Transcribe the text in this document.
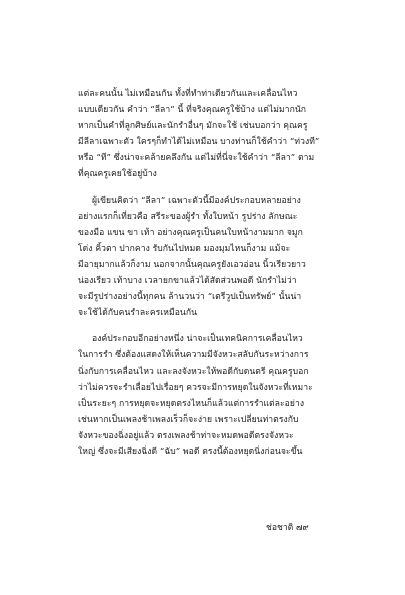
แต่ละคนนั้น ไม่เหมือนกัน ทั้งที่ทำท่าเดียวกันและเคลื่อนไหว
แบบเดียวกัน คำว่า “ลีลา” นี้ ที่จริงคุณครูใช้บ้าง แต่ไม่มากนัก
หากเป็นคำที่ลูกศิษย์และนักรำอื่นๆ มักจะใช้ เช่นบอกว่า คุณครู
มีลีลาเฉพาะตัว ใครๆก็ทำได้ไม่เหมือน บางท่านก็ใช้คำว่า “ท่วงที”
หรือ “ที” ซึ่งน่าจะคล้ายคลึงกัน แต่ไม่ที่นี่จะใช้คำว่า “ลีลา” ตาม
ที่คุณครูเคยใช้อยู่บ้าง

ผู้เขียนคิดว่า “ลีลา” เฉพาะตัวนี้มีองค์ประกอบหลายอย่าง
อย่างแรกก็เที่ยวคือ สรีระของผู้รำ ทั้งใบหน้า รูปร่าง ลักษณะ
ของมือ แขน ขา เท้า อย่างคุณครูเป็นคนใบหน้างามมาก จมูก
โด่ง คิ้วตา ปากคาง รับกันไปหมด มองมุมไหนก็งาม แม้จะ
มีอายุมากแล้วก็งาม นอกจากนั้นคุณครูยังเอวอ่อน นิ้วเรียวยาว
น่องเรียว เท้าบาง เวลายกขาแล้วได้สัดส่วนพอดี นักรำไม่ว่า
จะมีรูปร่างอย่างนี้ทุกคน ล้านวนว่า “เตรีวูปเป็นทรัพย์” นั้นน่า
จะใช้ได้กับคนรำละครเหมือนกัน

องค์ประกอบอีกอย่างหนึ่ง น่าจะเป็นเทคนิคการเคลื่อนไหว
ในการรำ ซึ่งต้องแสดงให้เห็นความมีจังหวะสลับกันระหว่างการ
นิ่งกับการเคลื่อนไหว และลงจังหวะให้พอดีกับดนตรี คุณครูบอก
ว่าไม่ควรจะรำเลื่อยไปเรื่อยๆ ควรจะมีการหยุดในจังหวะที่เหมาะ
เป็นระยะๆ การหยุดจะหยุดตรงไหนก็แล้วแต่การรำแต่ละอย่าง
เช่นหากเป็นเพลงช้าเพลงเร็วก็จะง่าย เพราะเปลี่ยนท่าตรงกับ
จังหวะของฉิ่งอยู่แล้ว ตรงเพลงช้าท่าจะหมดพอดีตรงจังหวะ
ใหญ่ ซึ่งจะมีเสียงฉิ่งดี “ฉับ” พอดี ตรงนี้ต้องหยุดนิ่งก่อนจะขึ้น

ช่อชาติ ๗๙
